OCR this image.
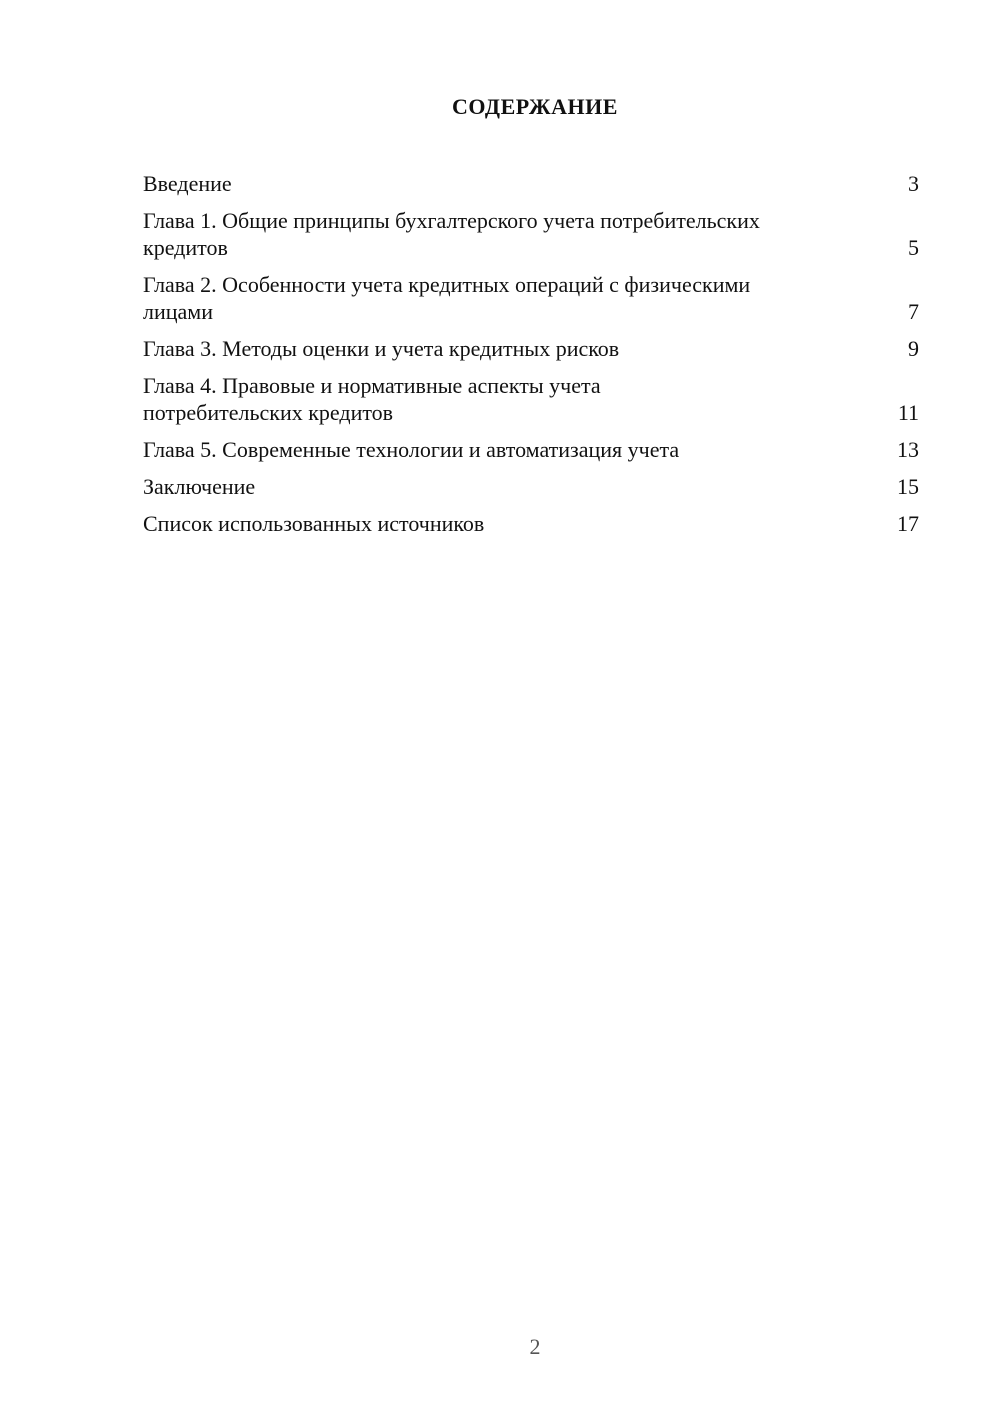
СОДЕРЖАНИЕ
Введение	3
Глава 1. Общие принципы бухгалтерского учета потребительских кредитов	5
Глава 2. Особенности учета кредитных операций с физическими лицами	7
Глава 3. Методы оценки и учета кредитных рисков	9
Глава 4. Правовые и нормативные аспекты учета потребительских кредитов	11
Глава 5. Современные технологии и автоматизация учета	13
Заключение	15
Список использованных источников	17
2
